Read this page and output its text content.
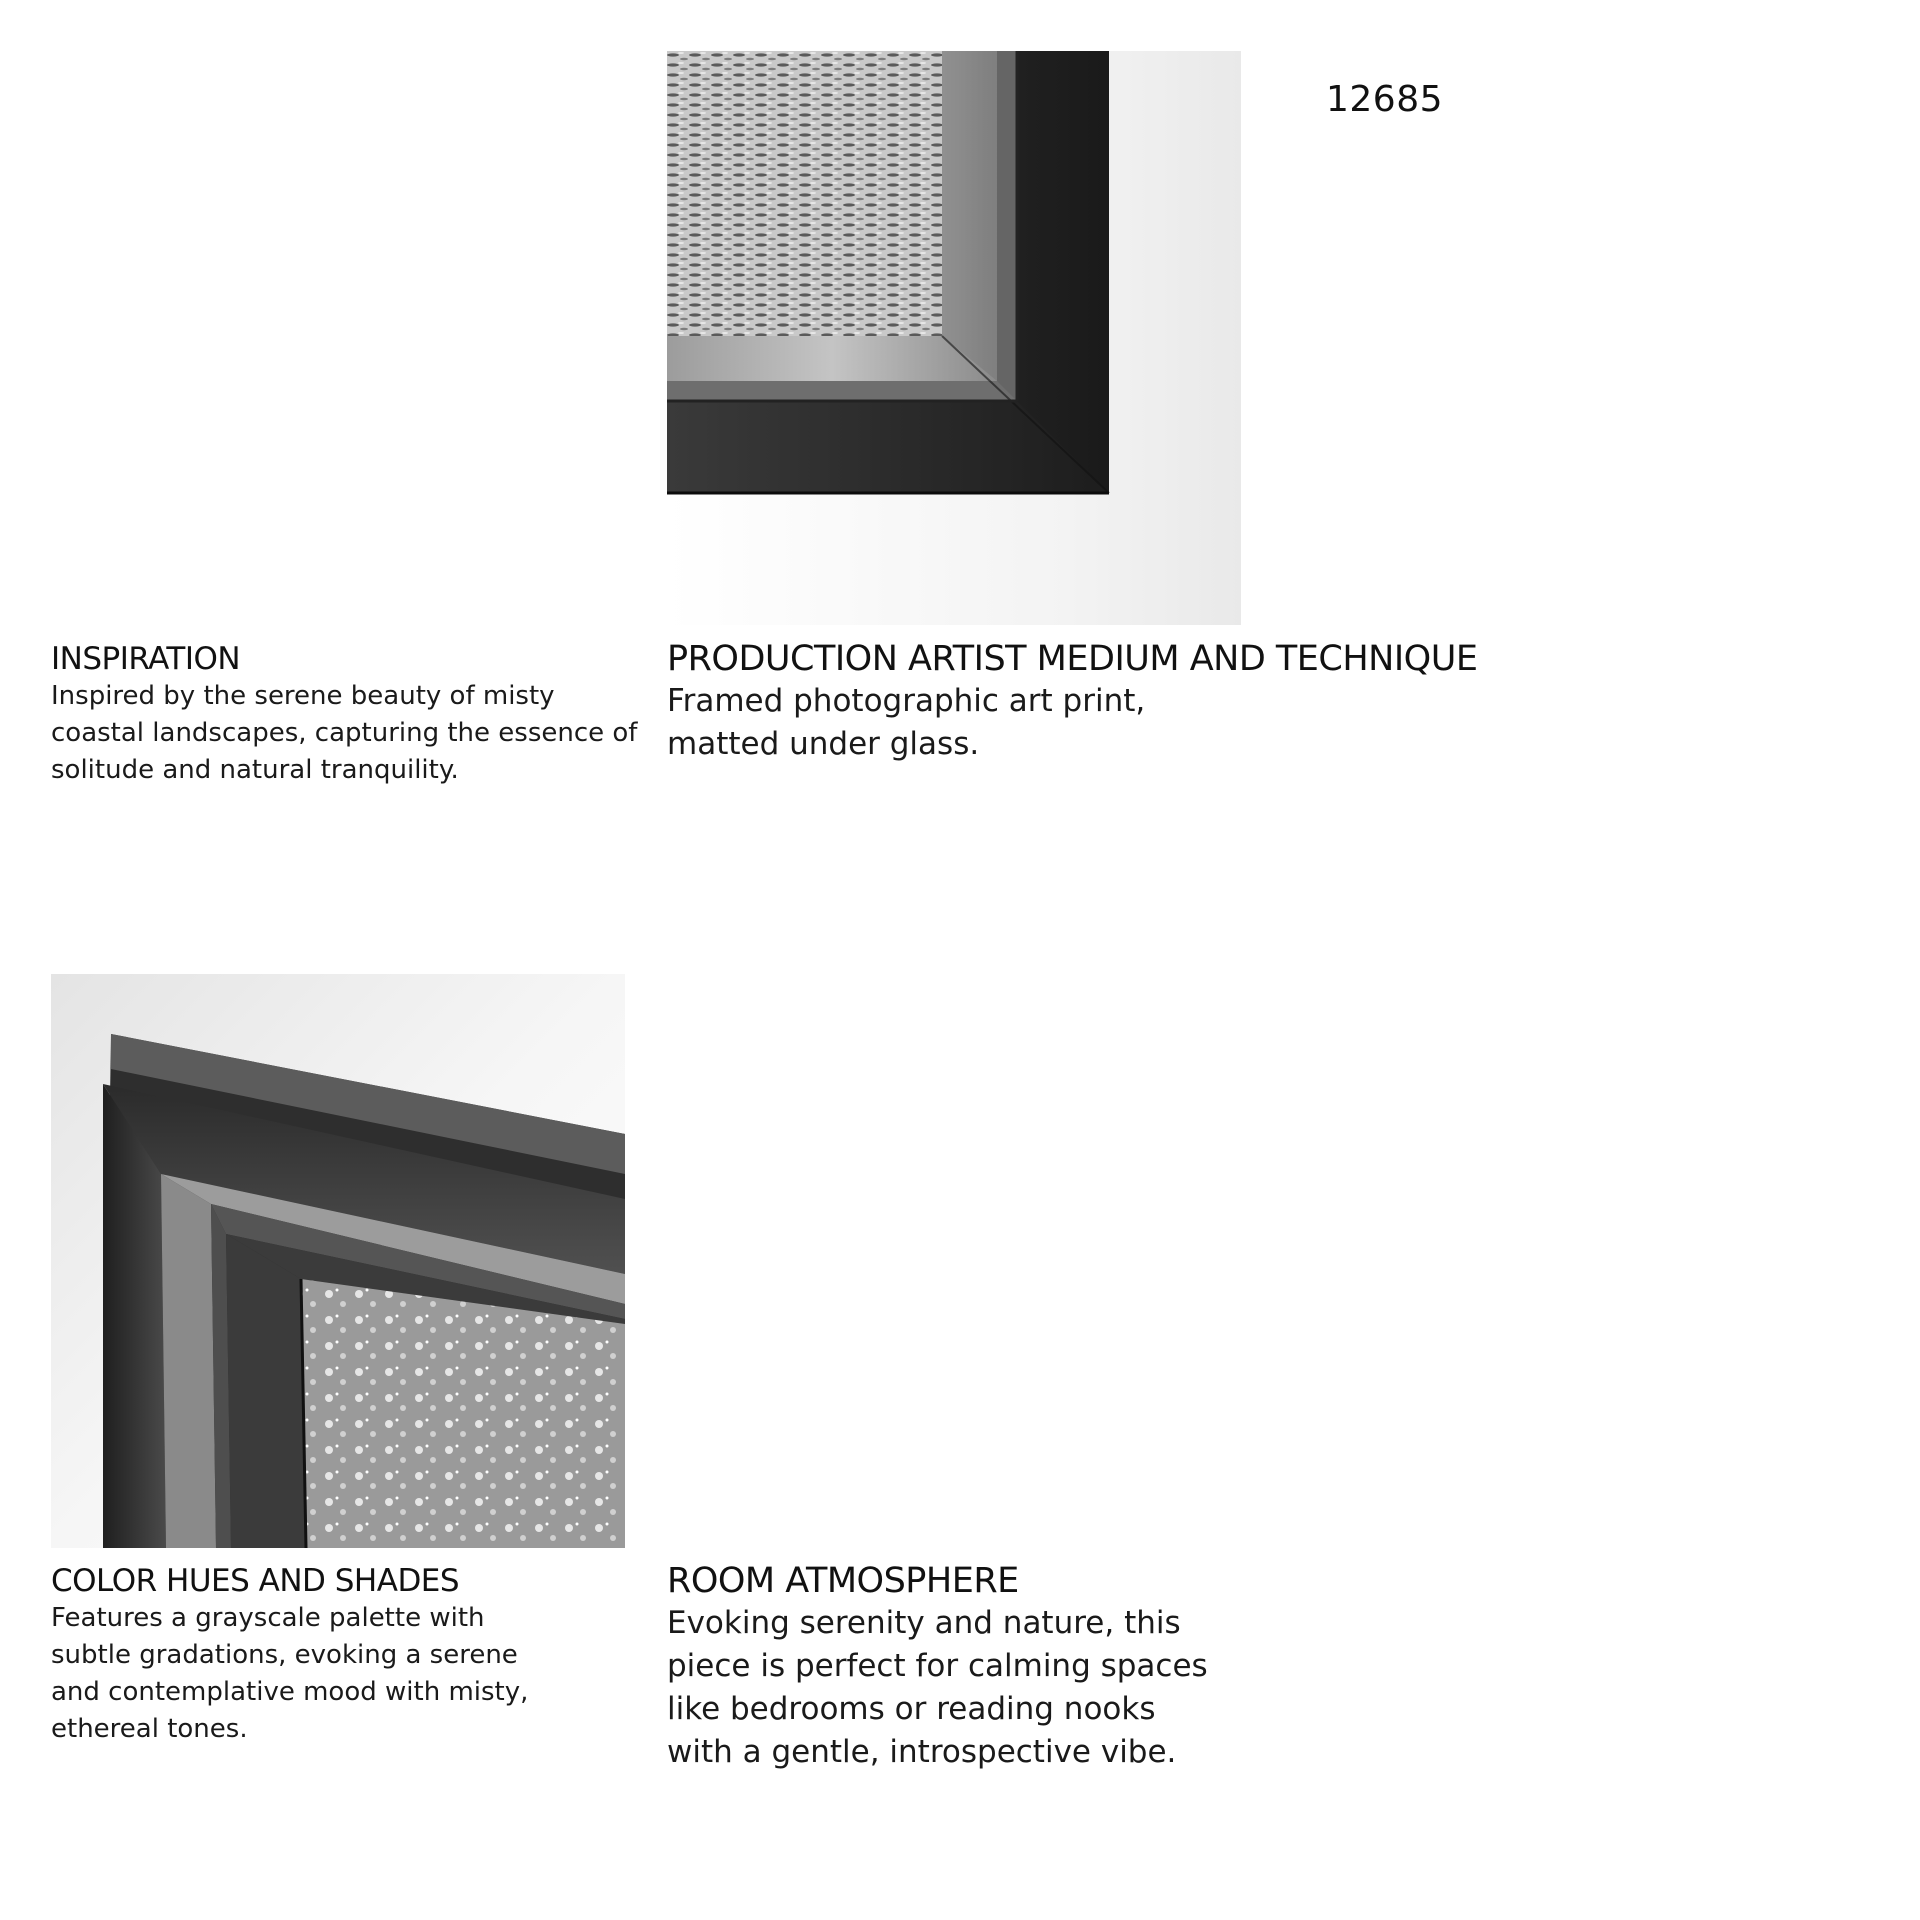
12685
INSPIRATION

Inspired by the serene beauty of misty coastal landscapes, capturing the essence of solitude and natural tranquility.

PRODUCTION ARTIST MEDIUM AND TECHNIQUE

Framed photographic art print, matted under glass.

COLOR HUES AND SHADES

Features a grayscale palette with subtle gradations, evoking a serene and contemplative mood with misty, ethereal tones.

ROOM ATMOSPHERE

Evoking serenity and nature, this piece is perfect for calming spaces like bedrooms or reading nooks with a gentle, introspective vibe.
